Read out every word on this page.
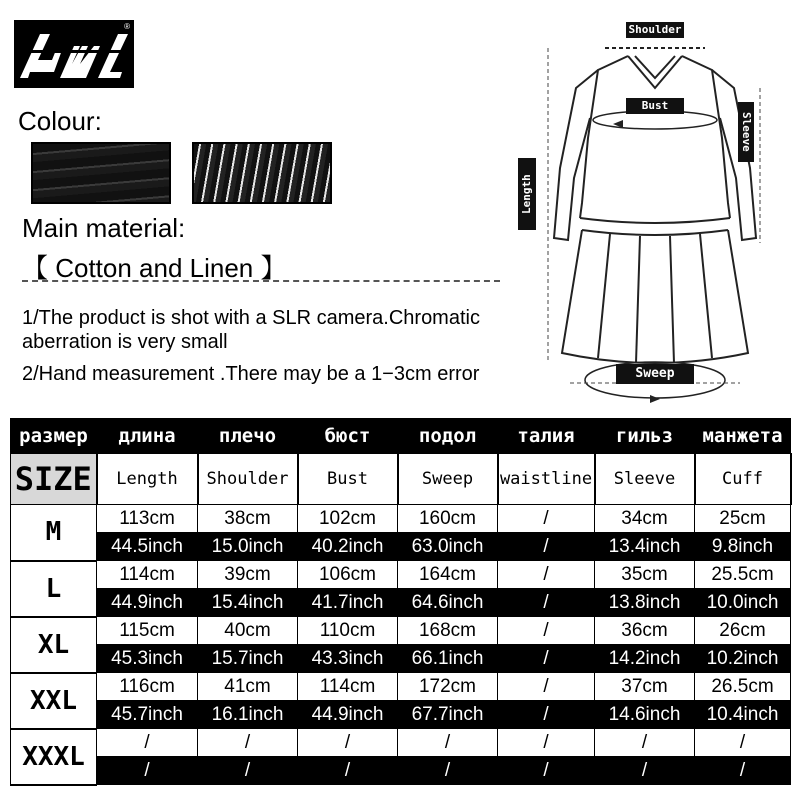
®
Colour:
Main material:
【 Cotton and Linen 】
1/The product is shot with a SLR camera.Chromatic aberration is very small
2/Hand measurement .There may be a 1−3cm error
Shoulder
Bust
Sleeve
Length
Sweep
размер	длина	плечо	бюст	подол	талия	гильз	манжета
SIZE	Length	Shoulder	Bust	Sweep	waistline	Sleeve	Cuff
M	113cm	38cm	102cm	160cm	/	34cm	25cm
	44.5inch	15.0inch	40.2inch	63.0inch	/	13.4inch	9.8inch
L	114cm	39cm	106cm	164cm	/	35cm	25.5cm
	44.9inch	15.4inch	41.7inch	64.6inch	/	13.8inch	10.0inch
XL	115cm	40cm	110cm	168cm	/	36cm	26cm
	45.3inch	15.7inch	43.3inch	66.1inch	/	14.2inch	10.2inch
XXL	116cm	41cm	114cm	172cm	/	37cm	26.5cm
	45.7inch	16.1inch	44.9inch	67.7inch	/	14.6inch	10.4inch
XXXL	/	/	/	/	/	/	/
	/	/	/	/	/	/	/
